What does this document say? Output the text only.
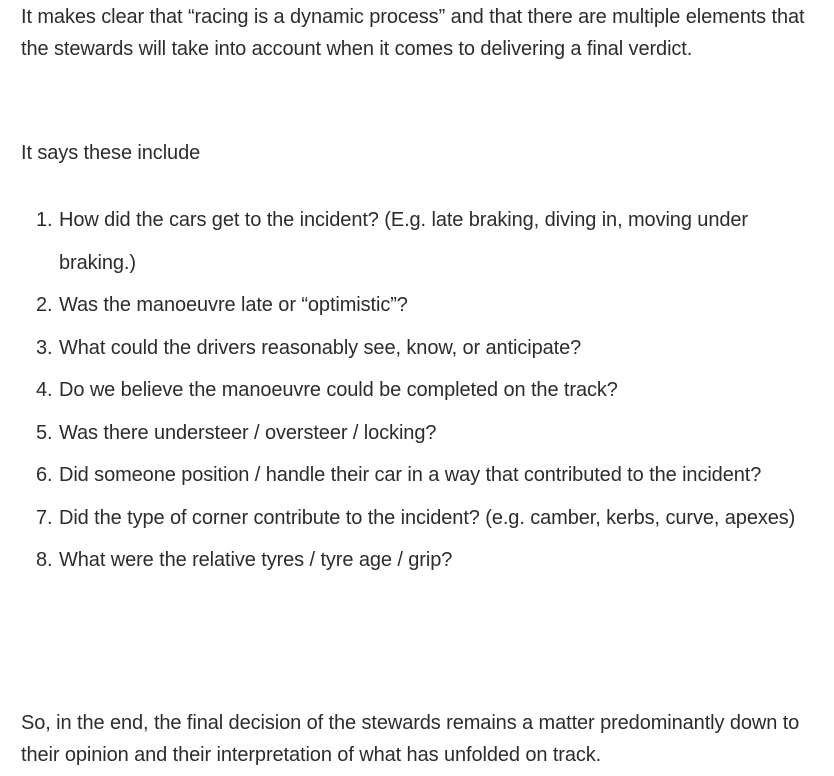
It makes clear that “racing is a dynamic process” and that there are multiple elements that the stewards will take into account when it comes to delivering a final verdict.

It says these include

1. How did the cars get to the incident? (E.g. late braking, diving in, moving under braking.)
2. Was the manoeuvre late or “optimistic”?
3. What could the drivers reasonably see, know, or anticipate?
4. Do we believe the manoeuvre could be completed on the track?
5. Was there understeer / oversteer / locking?
6. Did someone position / handle their car in a way that contributed to the incident?
7. Did the type of corner contribute to the incident? (e.g. camber, kerbs, curve, apexes)
8. What were the relative tyres / tyre age / grip?

So, in the end, the final decision of the stewards remains a matter predominantly down to their opinion and their interpretation of what has unfolded on track.
